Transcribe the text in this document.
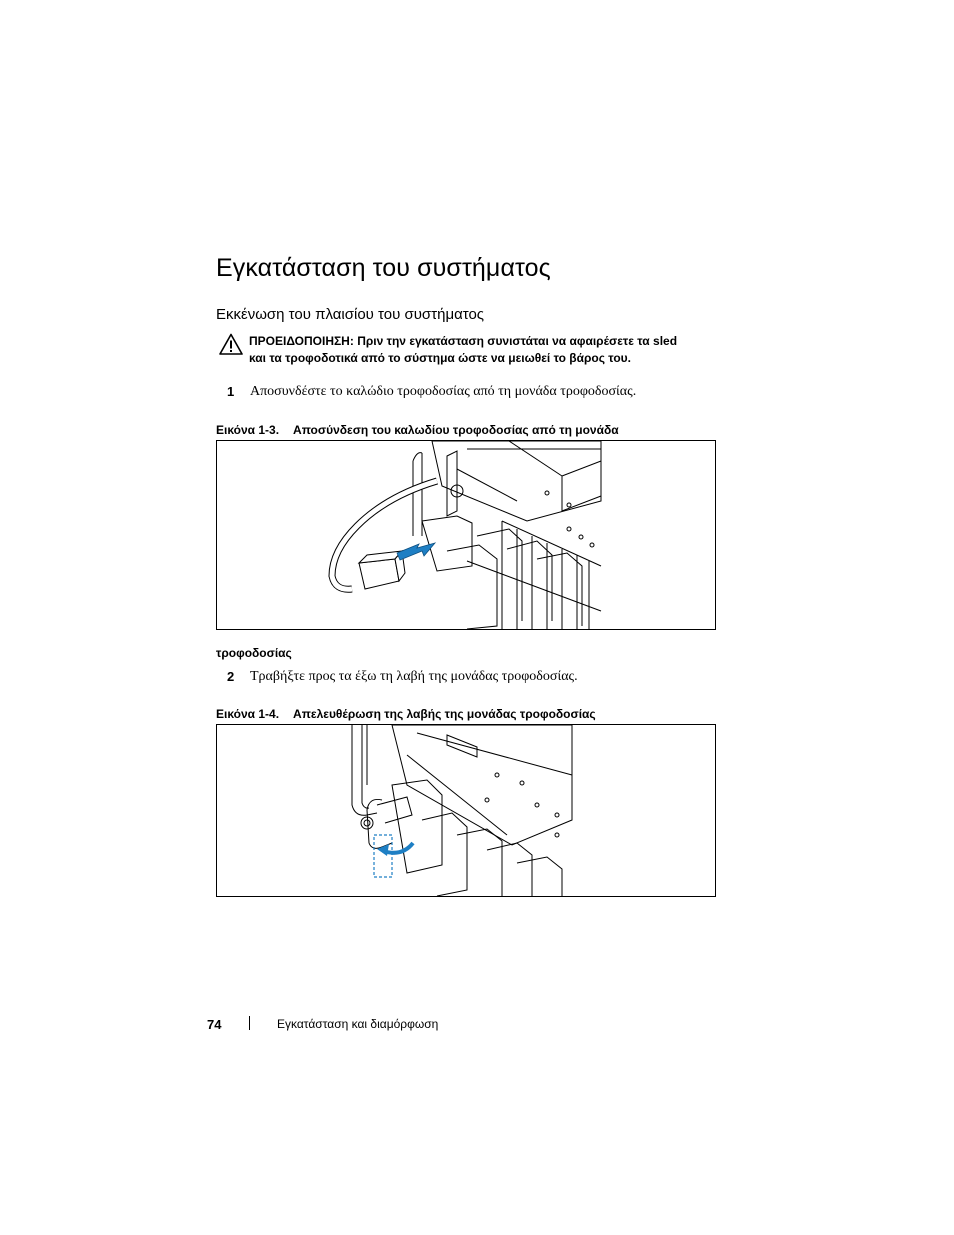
Εγκατάσταση του συστήματος
Εκκένωση του πλαισίου του συστήματος
ΠΡΟΕΙΔΟΠΟΙΗΣΗ: Πριν την εγκατάσταση συνιστάται να αφαιρέσετε τα sled
και τα τροφοδοτικά από το σύστημα ώστε να μειωθεί το βάρος του.
1 Αποσυνδέστε το καλώδιο τροφοδοσίας από τη μονάδα τροφοδοσίας.
Εικόνα 1-3. Αποσύνδεση του καλωδίου τροφοδοσίας από τη μονάδα
τροφοδοσίας
2 Τραβήξτε προς τα έξω τη λαβή της μονάδας τροφοδοσίας.
Εικόνα 1-4. Απελευθέρωση της λαβής της μονάδας τροφοδοσίας
74	Εγκατάσταση και διαμόρφωση
